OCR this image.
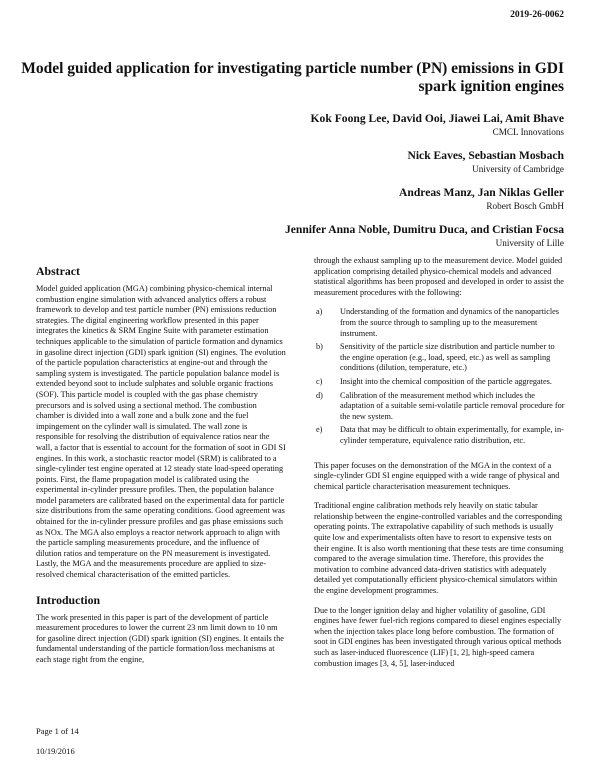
2019-26-0062
Model guided application for investigating particle number (PN) emissions in GDI spark ignition engines
Kok Foong Lee, David Ooi, Jiawei Lai, Amit Bhave
CMCL Innovations
Nick Eaves, Sebastian Mosbach
University of Cambridge
Andreas Manz, Jan Niklas Geller
Robert Bosch GmbH
Jennifer Anna Noble, Dumitru Duca, and Cristian Focsa
University of Lille
Abstract

Model guided application (MGA) combining physico-chemical internal combustion engine simulation with advanced analytics offers a robust framework to develop and test particle number (PN) emissions reduction strategies. The digital engineering workflow presented in this paper integrates the kinetics & SRM Engine Suite with parameter estimation techniques applicable to the simulation of particle formation and dynamics in gasoline direct injection (GDI) spark ignition (SI) engines. The evolution of the particle population characteristics at engine-out and through the sampling system is investigated. The particle population balance model is extended beyond soot to include sulphates and soluble organic fractions (SOF). This particle model is coupled with the gas phase chemistry precursors and is solved using a sectional method. The combustion chamber is divided into a wall zone and a bulk zone and the fuel impingement on the cylinder wall is simulated. The wall zone is responsible for resolving the distribution of equivalence ratios near the wall, a factor that is essential to account for the formation of soot in GDI SI engines. In this work, a stochastic reactor model (SRM) is calibrated to a single-cylinder test engine operated at 12 steady state load-speed operating points. First, the flame propagation model is calibrated using the experimental in-cylinder pressure profiles. Then, the population balance model parameters are calibrated based on the experimental data for particle size distributions from the same operating conditions. Good agreement was obtained for the in-cylinder pressure profiles and gas phase emissions such as NOx. The MGA also employs a reactor network approach to align with the particle sampling measurements procedure, and the influence of dilution ratios and temperature on the PN measurement is investigated. Lastly, the MGA and the measurements procedure are applied to size-resolved chemical characterisation of the emitted particles.

Introduction

The work presented in this paper is part of the development of particle measurement procedures to lower the current 23 nm limit down to 10 nm for gasoline direct injection (GDI) spark ignition (SI) engines. It entails the fundamental understanding of the particle formation/loss mechanisms at each stage right from the engine,

through the exhaust sampling up to the measurement device. Model guided application comprising detailed physico-chemical models and advanced statistical algorithms has been proposed and developed in order to assist the measurement procedures with the following:

a)	Understanding of the formation and dynamics of the nanoparticles from the source through to sampling up to the measurement instrument.
b)	Sensitivity of the particle size distribution and particle number to the engine operation (e.g., load, speed, etc.) as well as sampling conditions (dilution, temperature, etc.)
c)	Insight into the chemical composition of the particle aggregates.
d)	Calibration of the measurement method which includes the adaptation of a suitable semi-volatile particle removal procedure for the new system.
e)	Data that may be difficult to obtain experimentally, for example, in-cylinder temperature, equivalence ratio distribution, etc.

This paper focuses on the demonstration of the MGA in the context of a single-cylinder GDI SI engine equipped with a wide range of physical and chemical particle characterisation measurement techniques.

Traditional engine calibration methods rely heavily on static tabular relationship between the engine-controlled variables and the corresponding operating points. The extrapolative capability of such methods is usually quite low and experimentalists often have to resort to expensive tests on their engine. It is also worth mentioning that these tests are time consuming compared to the average simulation time. Therefore, this provides the motivation to combine advanced data-driven statistics with adequately detailed yet computationally efficient physico-chemical simulators within the engine development programmes.

Due to the longer ignition delay and higher volatility of gasoline, GDI engines have fewer fuel-rich regions compared to diesel engines especially when the injection takes place long before combustion. The formation of soot in GDI engines has been investigated through various optical methods such as laser-induced fluorescence (LIF) [1, 2], high-speed camera combustion images [3, 4, 5], laser-induced

Page 1 of 14
10/19/2016
